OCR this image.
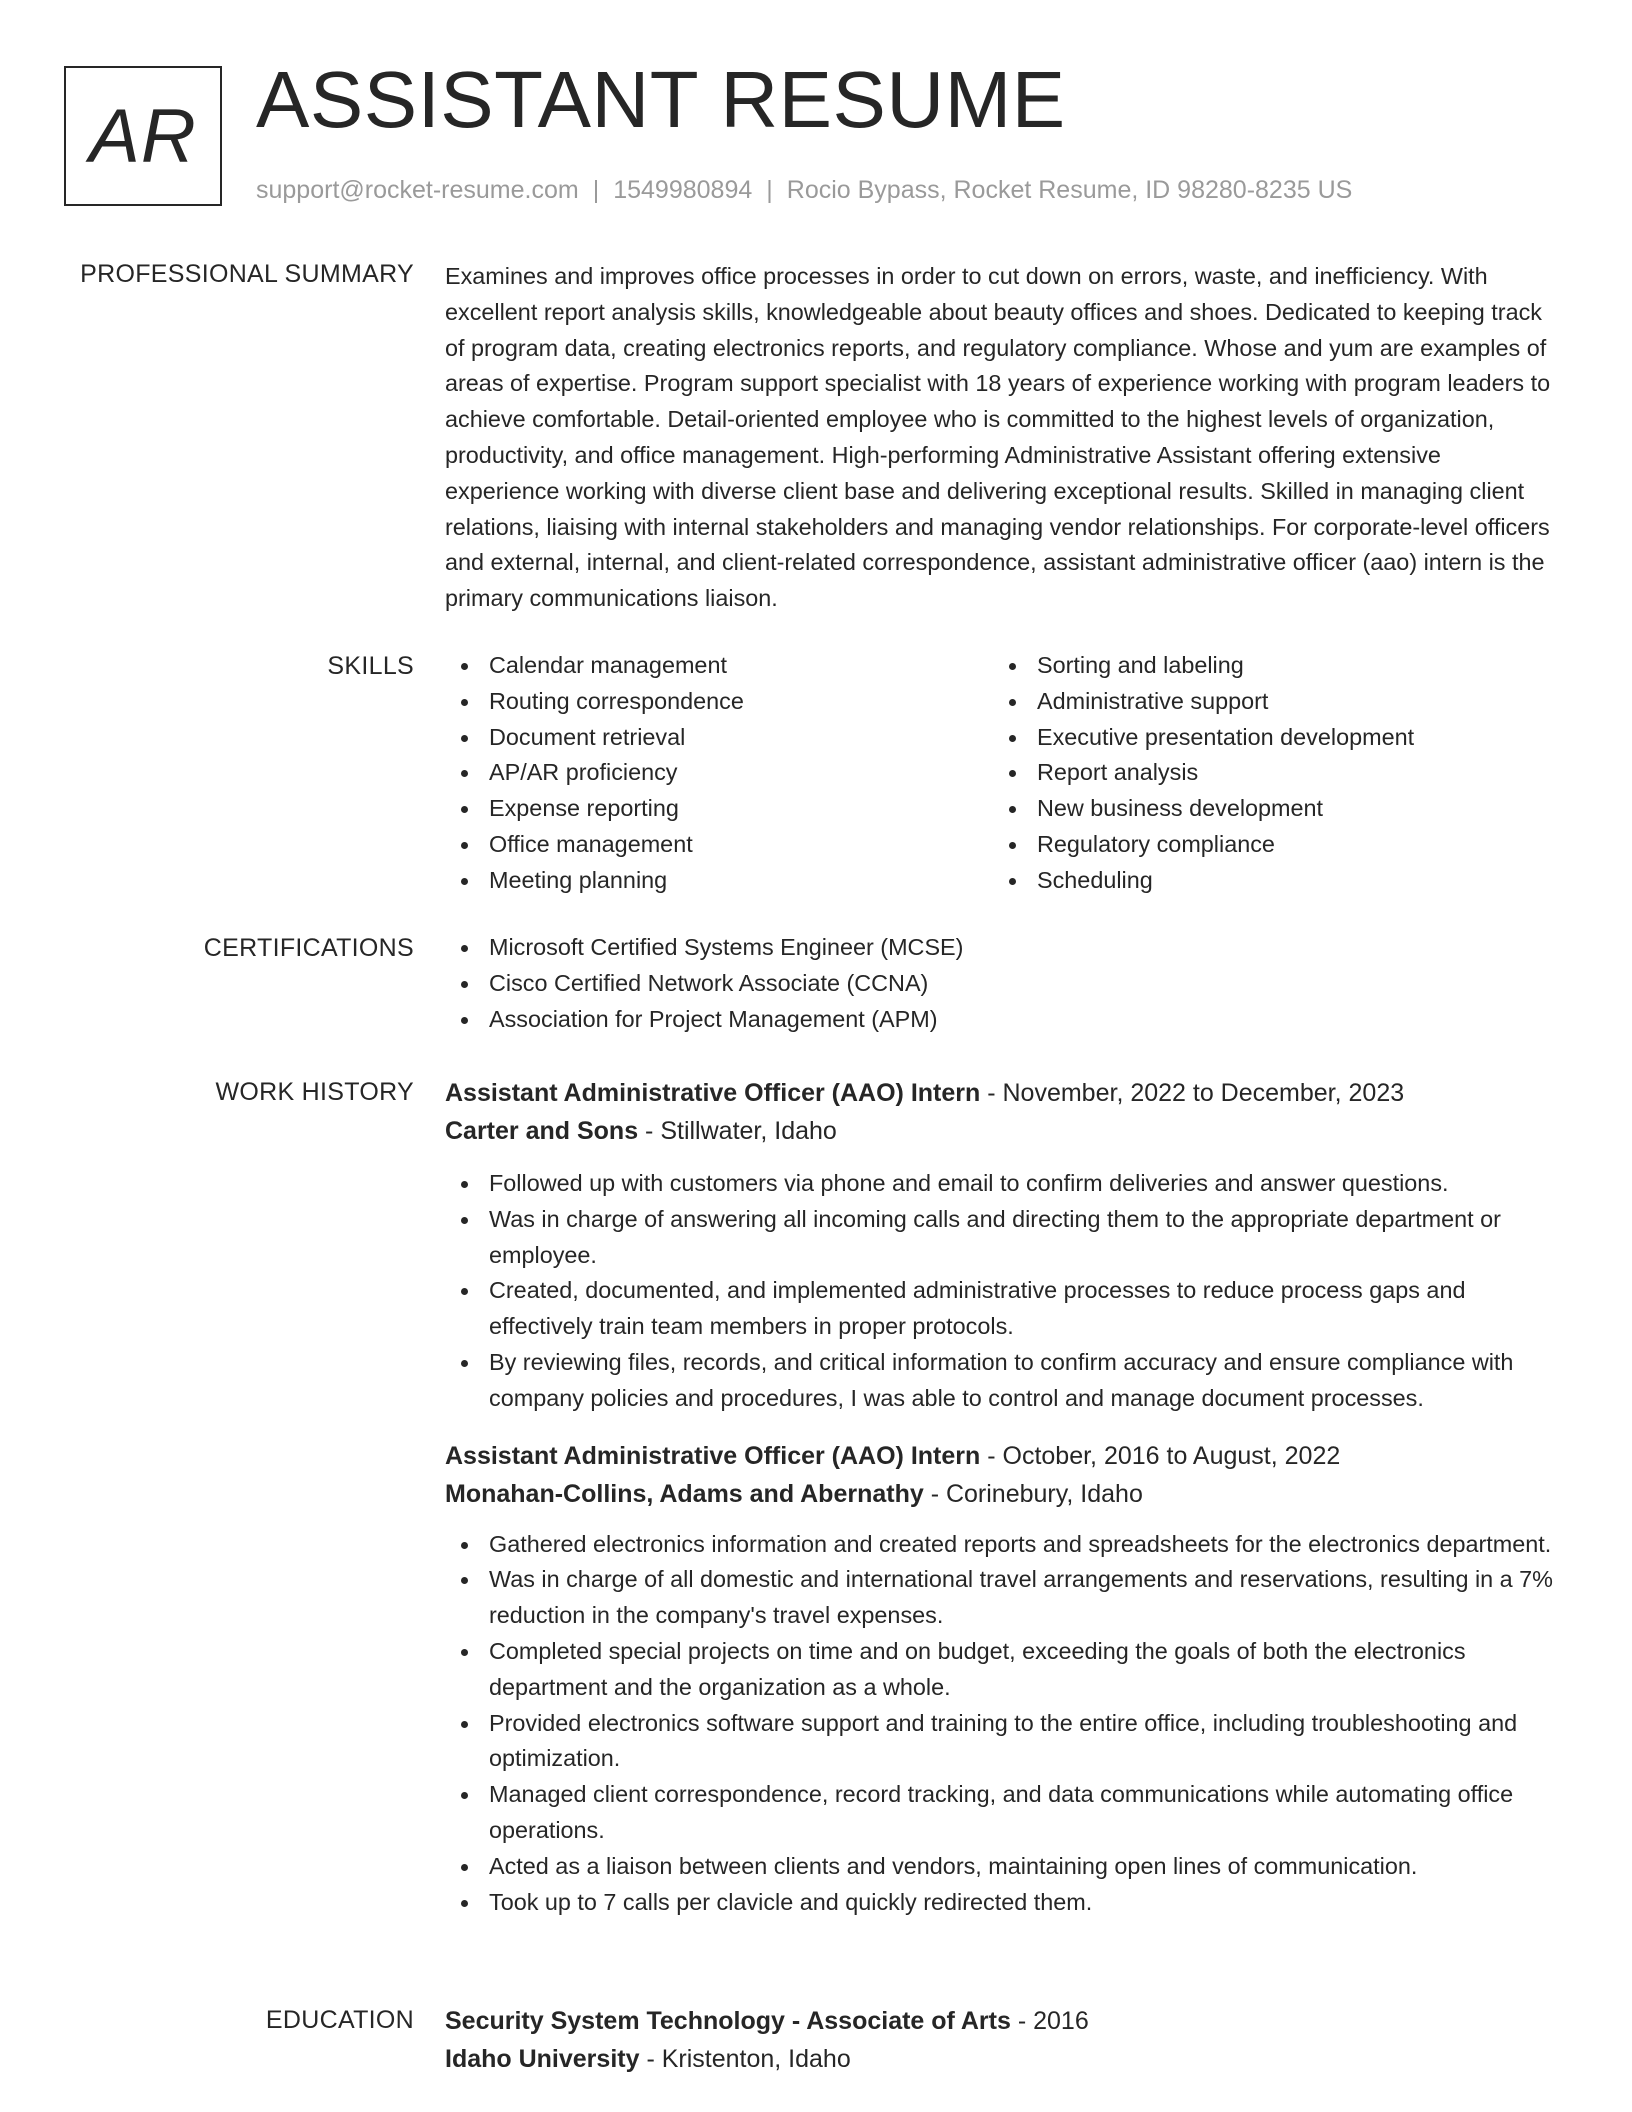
AR ASSISTANT RESUME
support@rocket-resume.com | 1549980894 | Rocio Bypass, Rocket Resume, ID 98280-8235 US
PROFESSIONAL SUMMARY Examines and improves office processes in order to cut down on errors, waste, and inefficiency. With excellent report analysis skills, knowledgeable about beauty offices and shoes. Dedicated to keeping track of program data, creating electronics reports, and regulatory compliance. Whose and yum are examples of areas of expertise. Program support specialist with 18 years of experience working with program leaders to achieve comfortable. Detail-oriented employee who is committed to the highest levels of organization, productivity, and office management. High-performing Administrative Assistant offering extensive experience working with diverse client base and delivering exceptional results. Skilled in managing client relations, liaising with internal stakeholders and managing vendor relationships. For corporate-level officers and external, internal, and client-related correspondence, assistant administrative officer (aao) intern is the primary communications liaison.

SKILLS	Calendar management
Routing correspondence
Document retrieval
AP/AR proficiency
Expense reporting
Office management
Meeting planning
Sorting and labeling
Administrative support
Executive presentation development
Report analysis
New business development
Regulatory compliance
Scheduling
CERTIFICATIONS	Microsoft Certified Systems Engineer (MCSE)
Cisco Certified Network Associate (CCNA)
Association for Project Management (APM)
WORK HISTORY Assistant Administrative Officer (AAO) Intern - November, 2022 to December, 2023
Carter and Sons - Stillwater, Idaho
Followed up with customers via phone and email to confirm deliveries and answer questions.
Was in charge of answering all incoming calls and directing them to the appropriate department or employee.
Created, documented, and implemented administrative processes to reduce process gaps and effectively train team members in proper protocols.
By reviewing files, records, and critical information to confirm accuracy and ensure compliance with company policies and procedures, I was able to control and manage document processes.
Assistant Administrative Officer (AAO) Intern - October, 2016 to August, 2022
Monahan-Collins, Adams and Abernathy - Corinebury, Idaho
Gathered electronics information and created reports and spreadsheets for the electronics department.
Was in charge of all domestic and international travel arrangements and reservations, resulting in a 7% reduction in the company's travel expenses.
Completed special projects on time and on budget, exceeding the goals of both the electronics department and the organization as a whole.
Provided electronics software support and training to the entire office, including troubleshooting and optimization.
Managed client correspondence, record tracking, and data communications while automating office operations.
Acted as a liaison between clients and vendors, maintaining open lines of communication.
Took up to 7 calls per clavicle and quickly redirected them.
EDUCATION Security System Technology - Associate of Arts - 2016
Idaho University - Kristenton, Idaho
